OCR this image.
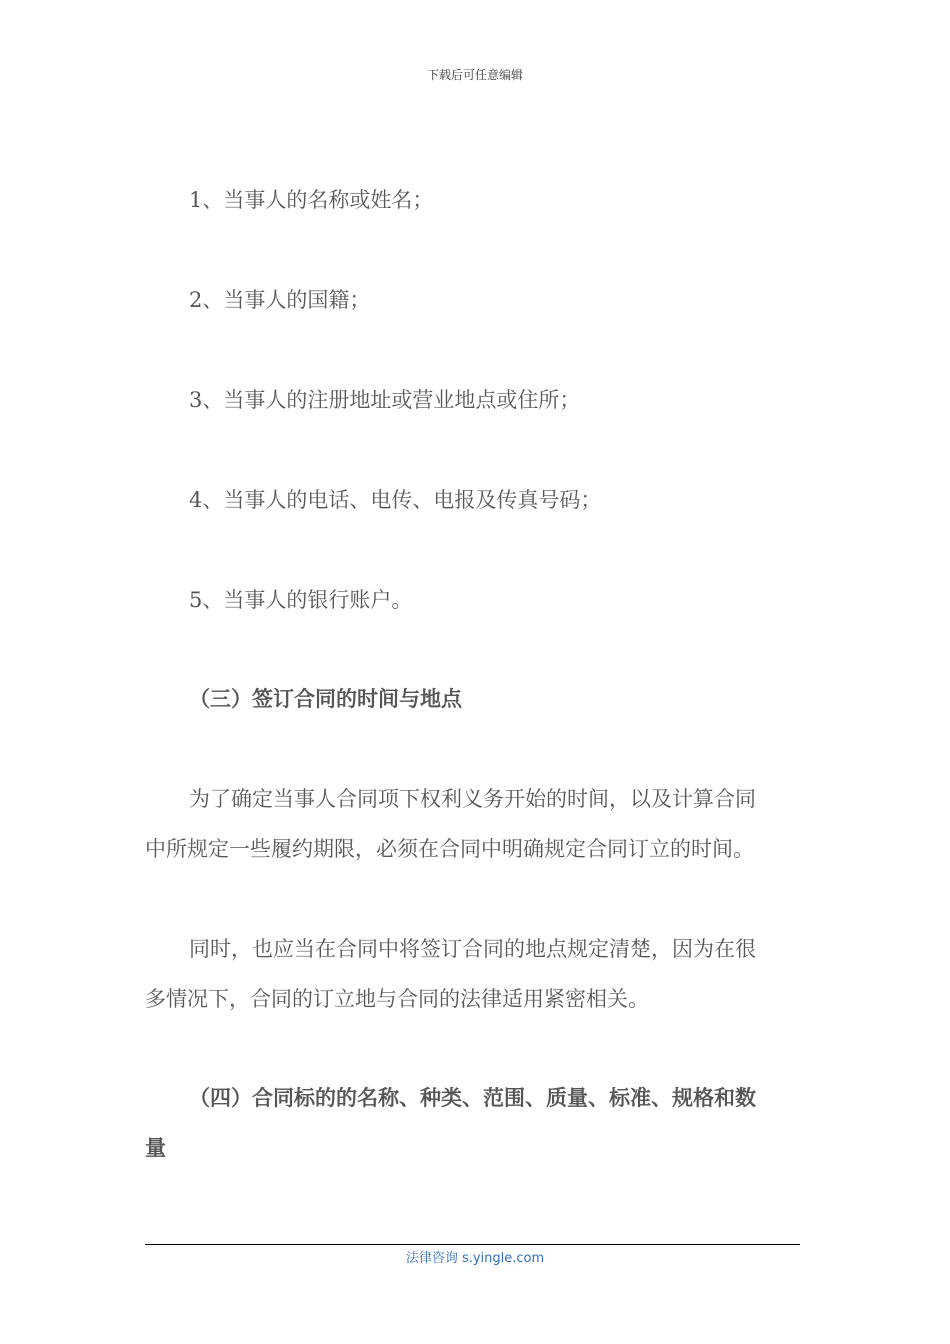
下载后可任意编辑
1、当事人的名称或姓名；
2、当事人的国籍；
3、当事人的注册地址或营业地点或住所；
4、当事人的电话、电传、电报及传真号码；
5、当事人的银行账户。
（三）签订合同的时间与地点
为了确定当事人合同项下权利义务开始的时间，以及计算合同
中所规定一些履约期限，必须在合同中明确规定合同订立的时间。
同时，也应当在合同中将签订合同的地点规定清楚，因为在很
多情况下，合同的订立地与合同的法律适用紧密相关。
（四）合同标的的名称、种类、范围、质量、标准、规格和数
量
法律咨询 s.yingle.com
